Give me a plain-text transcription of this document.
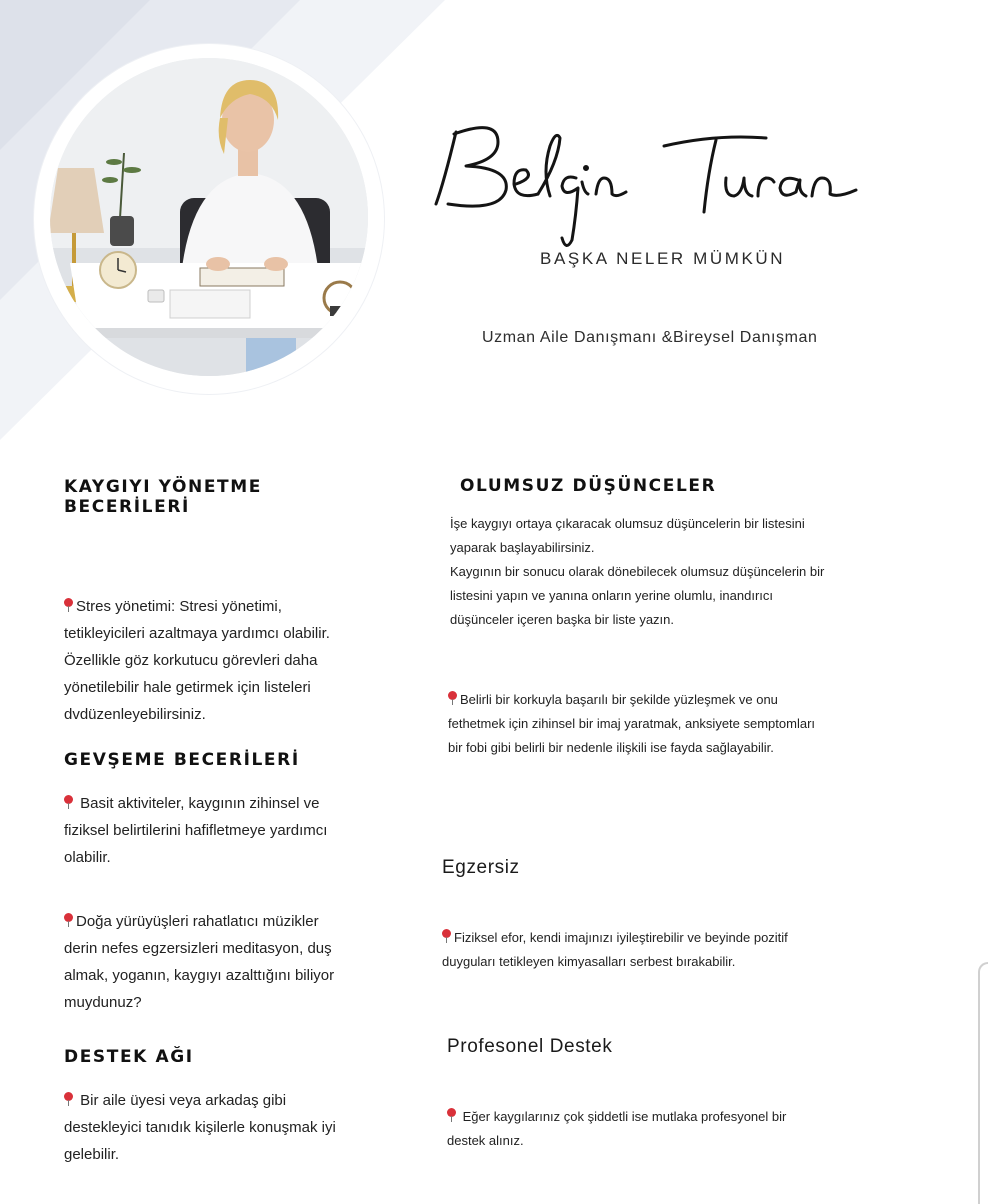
BAŞKA NELER MÜMKÜN
Uzman Aile Danışmanı &Bireysel Danışman
KAYGIYI YÖNETME BECERİLERİ
Stres yönetimi: Stresi yönetimi,
tetikleyicileri azaltmaya yardımcı olabilir.
Özellikle göz korkutucu görevleri daha
yönetilebilir hale getirmek için listeleri
dvdüzenleyebilirsiniz.
GEVŞEME BECERİLERİ
Basit aktiviteler, kaygının zihinsel ve
fiziksel belirtilerini hafifletmeye yardımcı
olabilir.
Doğa yürüyüşleri rahatlatıcı müzikler
derin nefes egzersizleri meditasyon, duş
almak, yoganın, kaygıyı azalttığını biliyor
muydunuz?
DESTEK AĞI
Bir aile üyesi veya arkadaş gibi
destekleyici tanıdık kişilerle konuşmak iyi
gelebilir.
OLUMSUZ DÜŞÜNCELER
İşe kaygıyı ortaya çıkaracak olumsuz düşüncelerin bir listesini
yaparak başlayabilirsiniz.
Kaygının bir sonucu olarak dönebilecek olumsuz düşüncelerin bir
listesini yapın ve yanına onların yerine olumlu, inandırıcı
düşünceler içeren başka bir liste yazın.
Belirli bir korkuyla başarılı bir şekilde yüzleşmek ve onu
fethetmek için zihinsel bir imaj yaratmak, anksiyete semptomları
bir fobi gibi belirli bir nedenle ilişkili ise fayda sağlayabilir.
Egzersiz
Fiziksel efor, kendi imajınızı iyileştirebilir ve beyinde pozitif
duyguları tetikleyen kimyasalları serbest bırakabilir.
Profesonel Destek
Eğer kaygılarınız çok şiddetli ise mutlaka profesyonel bir
destek alınız.
